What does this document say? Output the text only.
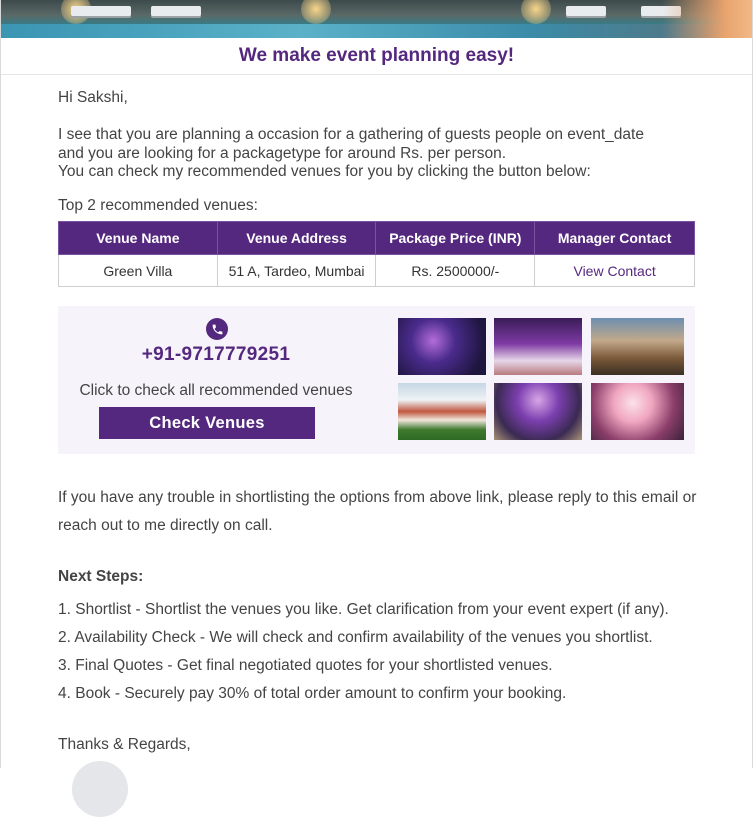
We make event planning easy!
Hi Sakshi,
I see that you are planning a occasion for a gathering of guests people on event_date
and you are looking for a packagetype for around Rs. per person.
You can check my recommended venues for you by clicking the button below:
Top 2 recommended venues:
Venue Name	Venue Address	Package Price (INR)	Manager Contact
Green Villa	51 A, Tardeo, Mumbai	Rs. 2500000/-	View Contact
+91-9717779251
Click to check all recommended venues
Check Venues
If you have any trouble in shortlisting the options from above link, please reply to this email or reach out to me directly on call.
Next Steps:
1. Shortlist - Shortlist the venues you like. Get clarification from your event expert (if any).
2. Availability Check - We will check and confirm availability of the venues you shortlist.
3. Final Quotes - Get final negotiated quotes for your shortlisted venues.
4. Book - Securely pay 30% of total order amount to confirm your booking.
Thanks & Regards,
